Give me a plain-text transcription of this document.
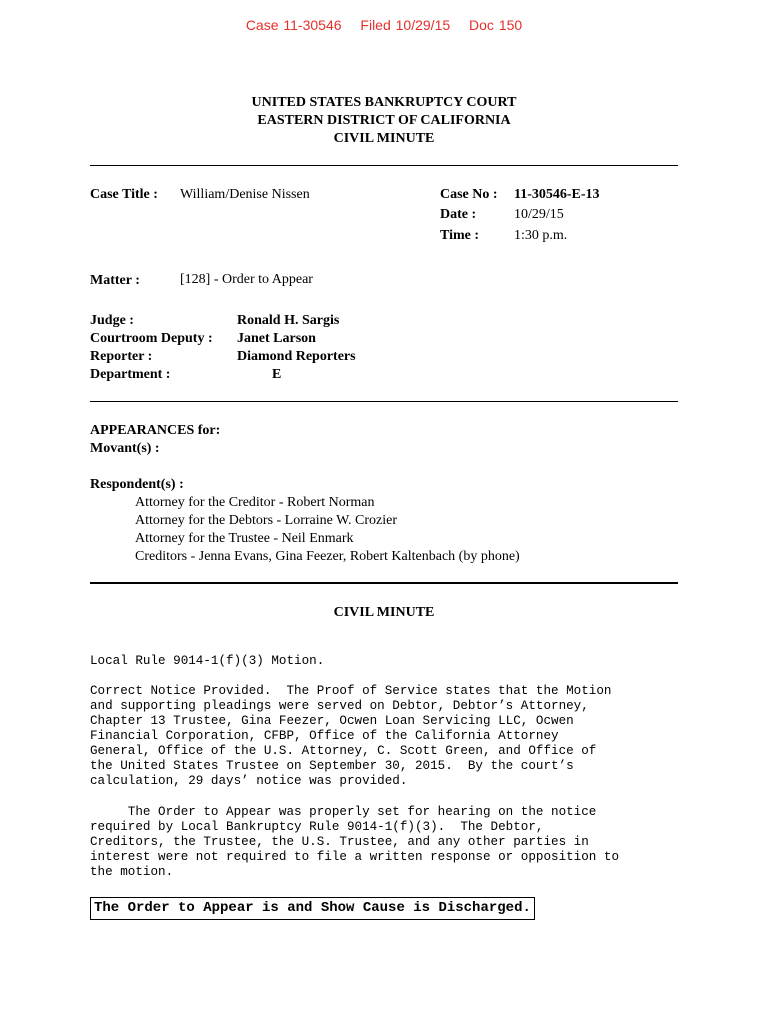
Case 11-30546 Filed 10/29/15 Doc 150
UNITED STATES BANKRUPTCY COURT
EASTERN DISTRICT OF CALIFORNIA
CIVIL MINUTE
Case Title : William/Denise Nissen	Case No : 11-30546-E-13
Date :	10/29/15
Time : 1:30 p.m.
Matter :	[128] - Order to Appear
Judge :	Ronald H. Sargis
Courtroom Deputy : Janet Larson
Reporter :	Diamond Reporters
Department :	E
APPEARANCES for:
Movant(s) :
Respondent(s) :
Attorney for the Creditor - Robert Norman
Attorney for the Debtors - Lorraine W. Crozier
Attorney for the Trustee - Neil Enmark
Creditors - Jenna Evans, Gina Feezer, Robert Kaltenbach (by phone)
CIVIL MINUTE
Local Rule 9014-1(f)(3) Motion.
Correct Notice Provided.  The Proof of Service states that the Motion
and supporting pleadings were served on Debtor, Debtor’s Attorney,
Chapter 13 Trustee, Gina Feezer, Ocwen Loan Servicing LLC, Ocwen
Financial Corporation, CFBP, Office of the California Attorney
General, Office of the U.S. Attorney, C. Scott Green, and Office of
the United States Trustee on September 30, 2015.  By the court’s
calculation, 29 days’ notice was provided.
The Order to Appear was properly set for hearing on the notice
required by Local Bankruptcy Rule 9014-1(f)(3).  The Debtor,
Creditors, the Trustee, the U.S. Trustee, and any other parties in
interest were not required to file a written response or opposition to
the motion.
The Order to Appear is and Show Cause is Discharged.
